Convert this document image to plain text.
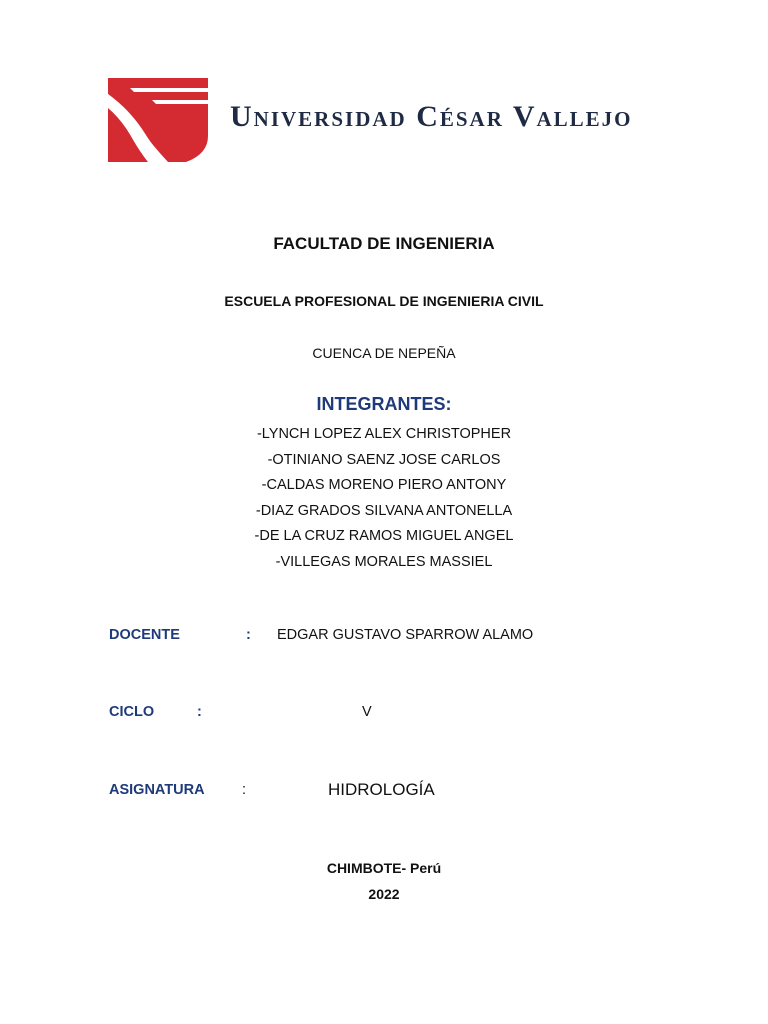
Universidad César Vallejo
FACULTAD DE INGENIERIA
ESCUELA PROFESIONAL DE INGENIERIA CIVIL
CUENCA DE NEPEÑA
INTEGRANTES:
-LYNCH LOPEZ ALEX CHRISTOPHER
-OTINIANO SAENZ JOSE CARLOS
-CALDAS MORENO PIERO ANTONY
-DIAZ GRADOS SILVANA ANTONELLA
-DE LA CRUZ RAMOS MIGUEL ANGEL
-VILLEGAS MORALES MASSIEL
DOCENTE	: EDGAR GUSTAVO SPARROW ALAMO
CICLO	:	V
ASIGNATURA	:	HIDROLOGÍA
CHIMBOTE- Perú
2022
